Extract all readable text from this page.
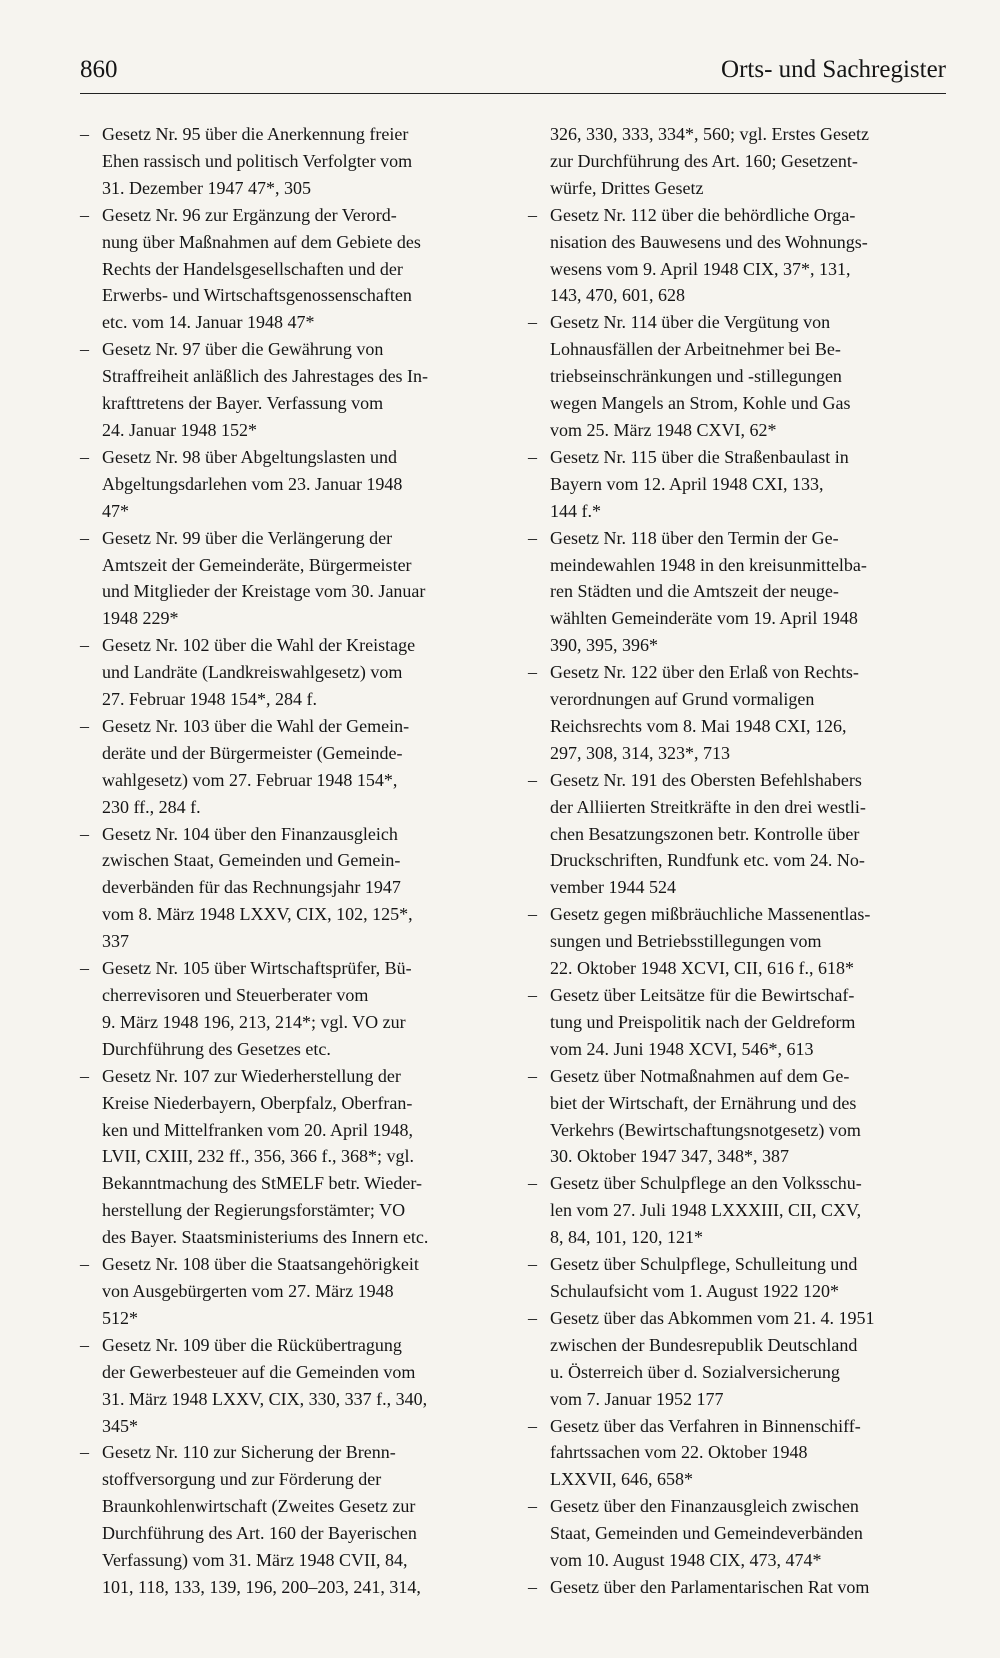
860	Orts- und Sachregister
– Gesetz Nr. 95 über die Anerkennung freier
Ehen rassisch und politisch Verfolgter vom
31. Dezember 1947 47*, 305
– Gesetz Nr. 96 zur Ergänzung der Verord-
nung über Maßnahmen auf dem Gebiete des
Rechts der Handelsgesellschaften und der
Erwerbs- und Wirtschaftsgenossenschaften
etc. vom 14. Januar 1948 47*
– Gesetz Nr. 97 über die Gewährung von
Straffreiheit anläßlich des Jahrestages des In-
krafttretens der Bayer. Verfassung vom
24. Januar 1948 152*
– Gesetz Nr. 98 über Abgeltungslasten und
Abgeltungsdarlehen vom 23. Januar 1948
47*
– Gesetz Nr. 99 über die Verlängerung der
Amtszeit der Gemeinderäte, Bürgermeister
und Mitglieder der Kreistage vom 30. Januar
1948 229*
– Gesetz Nr. 102 über die Wahl der Kreistage
und Landräte (Landkreiswahlgesetz) vom
27. Februar 1948 154*, 284 f.
– Gesetz Nr. 103 über die Wahl der Gemein-
deräte und der Bürgermeister (Gemeinde-
wahlgesetz) vom 27. Februar 1948 154*,
230 ff., 284 f.
– Gesetz Nr. 104 über den Finanzausgleich
zwischen Staat, Gemeinden und Gemein-
deverbänden für das Rechnungsjahr 1947
vom 8. März 1948 LXXV, CIX, 102, 125*,
337
– Gesetz Nr. 105 über Wirtschaftsprüfer, Bü-
cherrevisoren und Steuerberater vom
9. März 1948 196, 213, 214*; vgl. VO zur
Durchführung des Gesetzes etc.
– Gesetz Nr. 107 zur Wiederherstellung der
Kreise Niederbayern, Oberpfalz, Oberfran-
ken und Mittelfranken vom 20. April 1948,
LVII, CXIII, 232 ff., 356, 366 f., 368*; vgl.
Bekanntmachung des StMELF betr. Wieder-
herstellung der Regierungsforstämter; VO
des Bayer. Staatsministeriums des Innern etc.
– Gesetz Nr. 108 über die Staatsangehörigkeit
von Ausgebürgerten vom 27. März 1948
512*
– Gesetz Nr. 109 über die Rückübertragung
der Gewerbesteuer auf die Gemeinden vom
31. März 1948 LXXV, CIX, 330, 337 f., 340,
345*
– Gesetz Nr. 110 zur Sicherung der Brenn-
stoffversorgung und zur Förderung der
Braunkohlenwirtschaft (Zweites Gesetz zur
Durchführung des Art. 160 der Bayerischen
Verfassung) vom 31. März 1948 CVII, 84,
101, 118, 133, 139, 196, 200–203, 241, 314,
326, 330, 333, 334*, 560; vgl. Erstes Gesetz
zur Durchführung des Art. 160; Gesetzent-
würfe, Drittes Gesetz
– Gesetz Nr. 112 über die behördliche Orga-
nisation des Bauwesens und des Wohnungs-
wesens vom 9. April 1948 CIX, 37*, 131,
143, 470, 601, 628
– Gesetz Nr. 114 über die Vergütung von
Lohnausfällen der Arbeitnehmer bei Be-
triebseinschränkungen und -stillegungen
wegen Mangels an Strom, Kohle und Gas
vom 25. März 1948 CXVI, 62*
– Gesetz Nr. 115 über die Straßenbaulast in
Bayern vom 12. April 1948 CXI, 133,
144 f.*
– Gesetz Nr. 118 über den Termin der Ge-
meindewahlen 1948 in den kreisunmittelba-
ren Städten und die Amtszeit der neuge-
wählten Gemeinderäte vom 19. April 1948
390, 395, 396*
– Gesetz Nr. 122 über den Erlaß von Rechts-
verordnungen auf Grund vormaligen
Reichsrechts vom 8. Mai 1948 CXI, 126,
297, 308, 314, 323*, 713
– Gesetz Nr. 191 des Obersten Befehlshabers
der Alliierten Streitkräfte in den drei westli-
chen Besatzungszonen betr. Kontrolle über
Druckschriften, Rundfunk etc. vom 24. No-
vember 1944 524
– Gesetz gegen mißbräuchliche Massenentlas-
sungen und Betriebsstillegungen vom
22. Oktober 1948 XCVI, CII, 616 f., 618*
– Gesetz über Leitsätze für die Bewirtschaf-
tung und Preispolitik nach der Geldreform
vom 24. Juni 1948 XCVI, 546*, 613
– Gesetz über Notmaßnahmen auf dem Ge-
biet der Wirtschaft, der Ernährung und des
Verkehrs (Bewirtschaftungsnotgesetz) vom
30. Oktober 1947 347, 348*, 387
– Gesetz über Schulpflege an den Volksschu-
len vom 27. Juli 1948 LXXXIII, CII, CXV,
8, 84, 101, 120, 121*
– Gesetz über Schulpflege, Schulleitung und
Schulaufsicht vom 1. August 1922 120*
– Gesetz über das Abkommen vom 21. 4. 1951
zwischen der Bundesrepublik Deutschland
u. Österreich über d. Sozialversicherung
vom 7. Januar 1952 177
– Gesetz über das Verfahren in Binnenschiff-
fahrtssachen vom 22. Oktober 1948
LXXVII, 646, 658*
– Gesetz über den Finanzausgleich zwischen
Staat, Gemeinden und Gemeindeverbänden
vom 10. August 1948 CIX, 473, 474*
– Gesetz über den Parlamentarischen Rat vom
